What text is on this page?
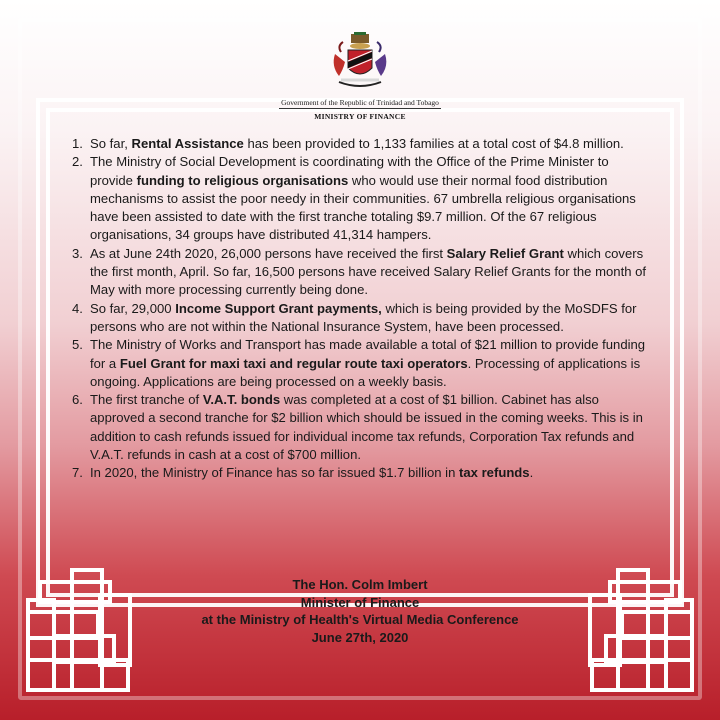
Government of the Republic of Trinidad and Tobago
MINISTRY OF FINANCE
1. So far, Rental Assistance has been provided to 1,133 families at a total cost of $4.8 million.
2. The Ministry of Social Development is coordinating with the Office of the Prime Minister to provide funding to religious organisations who would use their normal food distribution mechanisms to assist the poor needy in their communities. 67 umbrella religious organisations have been assisted to date with the first tranche totaling $9.7 million. Of the 67 religious organisations, 34 groups have distributed 41,314 hampers.
3. As at June 24th 2020, 26,000 persons have received the first Salary Relief Grant which covers the first month, April. So far, 16,500 persons have received Salary Relief Grants for the month of May with more processing currently being done.
4. So far, 29,000 Income Support Grant payments, which is being provided by the MoSDFS for persons who are not within the National Insurance System, have been processed.
5. The Ministry of Works and Transport has made available a total of $21 million to provide funding for a Fuel Grant for maxi taxi and regular route taxi operators. Processing of applications is ongoing. Applications are being processed on a weekly basis.
6. The first tranche of V.A.T. bonds was completed at a cost of $1 billion. Cabinet has also approved a second tranche for $2 billion which should be issued in the coming weeks. This is in addition to cash refunds issued for individual income tax refunds, Corporation Tax refunds and V.A.T. refunds in cash at a cost of $700 million.
7. In 2020, the Ministry of Finance has so far issued $1.7 billion in tax refunds.
The Hon. Colm Imbert
Minister of Finance
at the Ministry of Health's Virtual Media Conference
June 27th, 2020
